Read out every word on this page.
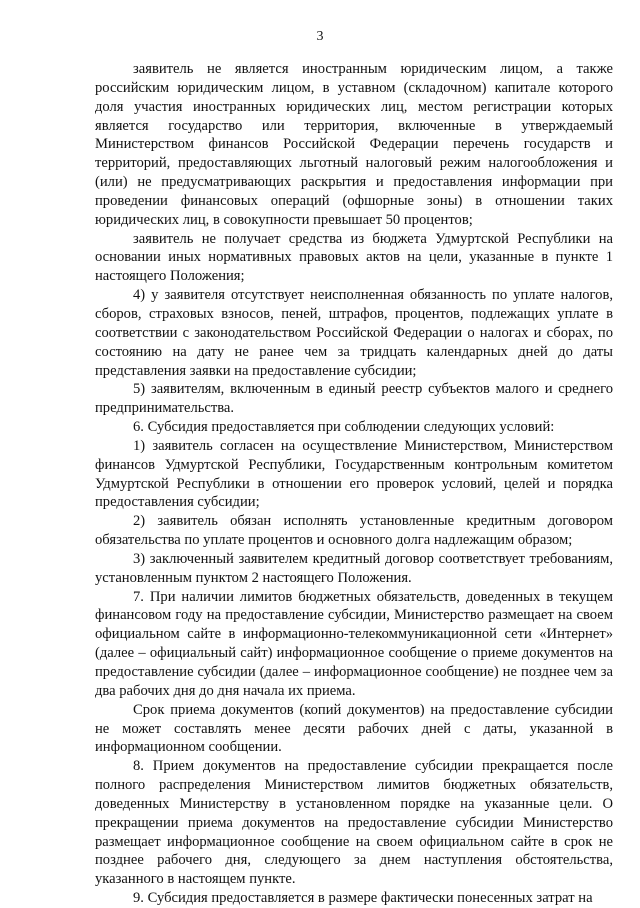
3

заявитель не является иностранным юридическим лицом, а также российским юридическим лицом, в уставном (складочном) капитале которого доля участия иностранных юридических лиц, местом регистрации которых является государство или территория, включенные в утверждаемый Министерством финансов Российской Федерации перечень государств и территорий, предоставляющих льготный налоговый режим налогообложения и (или) не предусматривающих раскрытия и предоставления информации при проведении финансовых операций (офшорные зоны) в отношении таких юридических лиц, в совокупности превышает 50 процентов;

заявитель не получает средства из бюджета Удмуртской Республики на основании иных нормативных правовых актов на цели, указанные в пункте 1 настоящего Положения;

4) у заявителя отсутствует неисполненная обязанность по уплате налогов, сборов, страховых взносов, пеней, штрафов, процентов, подлежащих уплате в соответствии с законодательством Российской Федерации о налогах и сборах, по состоянию на дату не ранее чем за тридцать календарных дней до даты представления заявки на предоставление субсидии;

5) заявителям, включенным в единый реестр субъектов малого и среднего предпринимательства.

6. Субсидия предоставляется при соблюдении следующих условий:

1) заявитель согласен на осуществление Министерством, Министерством финансов Удмуртской Республики, Государственным контрольным комитетом Удмуртской Республики в отношении его проверок условий, целей и порядка предоставления субсидии;

2) заявитель обязан исполнять установленные кредитным договором обязательства по уплате процентов и основного долга надлежащим образом;

3) заключенный заявителем кредитный договор соответствует требованиям, установленным пунктом 2 настоящего Положения.

7. При наличии лимитов бюджетных обязательств, доведенных в текущем финансовом году на предоставление субсидии, Министерство размещает на своем официальном сайте в информационно-телекоммуникационной сети «Интернет» (далее – официальный сайт) информационное сообщение о приеме документов на предоставление субсидии (далее – информационное сообщение) не позднее чем за два рабочих дня до дня начала их приема.

Срок приема документов (копий документов) на предоставление субсидии не может составлять менее десяти рабочих дней с даты, указанной в информационном сообщении.

8. Прием документов на предоставление субсидии прекращается после полного распределения Министерством лимитов бюджетных обязательств, доведенных Министерству в установленном порядке на указанные цели. О прекращении приема документов на предоставление субсидии Министерство размещает информационное сообщение на своем официальном сайте в срок не позднее рабочего дня, следующего за днем наступления обстоятельства, указанного в настоящем пункте.

9. Субсидия предоставляется в размере фактически понесенных затрат на
